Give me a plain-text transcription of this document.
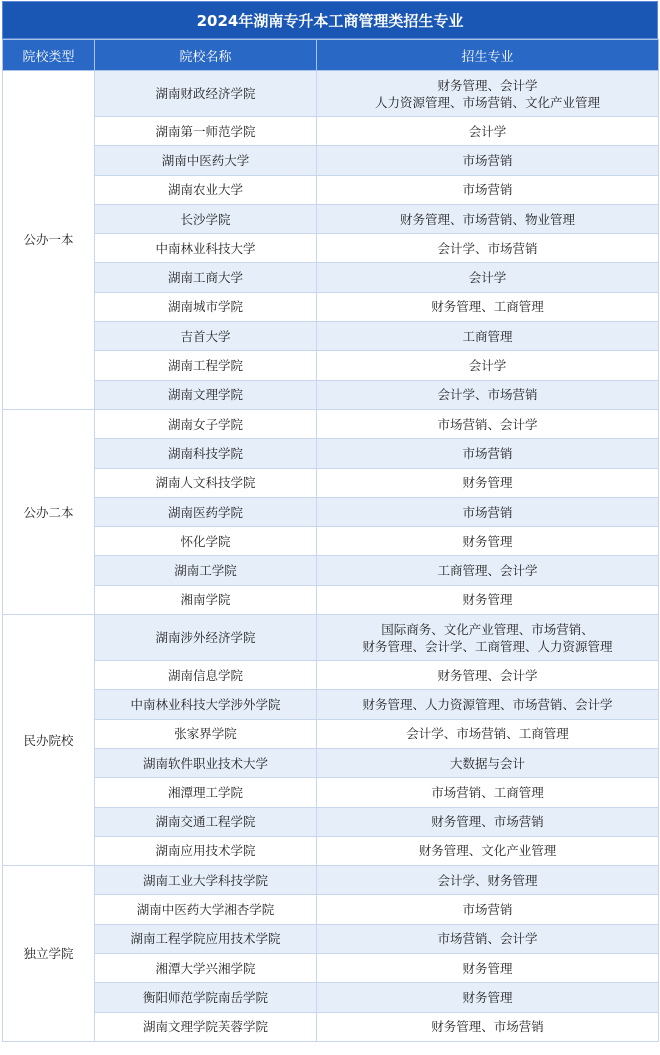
2024年湖南专升本工商管理类招生专业
院校类型	院校名称	招生专业
公办一本	湖南财政经济学院	财务管理、会计学
人力资源管理、市场营销、文化产业管理

	湖南第一师范学院	会计学

	湖南中医药大学	市场营销

	湖南农业大学	市场营销

	长沙学院	财务管理、市场营销、物业管理

	中南林业科技大学	会计学、市场营销

	湖南工商大学	会计学

	湖南城市学院	财务管理、工商管理

	吉首大学	工商管理

	湖南工程学院	会计学

	湖南文理学院	会计学、市场营销

公办二本	湖南女子学院	市场营销、会计学

	湖南科技学院	市场营销

	湖南人文科技学院	财务管理

	湖南医药学院	市场营销

	怀化学院	财务管理

	湖南工学院	工商管理、会计学

	湘南学院	财务管理

民办院校	湖南涉外经济学院	国际商务、文化产业管理、市场营销、
财务管理、会计学、工商管理、人力资源管理

	湖南信息学院	财务管理、会计学

	中南林业科技大学涉外学院	财务管理、人力资源管理、市场营销、会计学

	张家界学院	会计学、市场营销、工商管理

	湖南软件职业技术大学	大数据与会计

	湘潭理工学院	市场营销、工商管理

	湖南交通工程学院	财务管理、市场营销

	湖南应用技术学院	财务管理、文化产业管理

独立学院	湖南工业大学科技学院	会计学、财务管理

	湖南中医药大学湘杏学院	市场营销

	湖南工程学院应用技术学院	市场营销、会计学

	湘潭大学兴湘学院	财务管理

	衡阳师范学院南岳学院	财务管理

	湖南文理学院芙蓉学院	财务管理、市场营销
